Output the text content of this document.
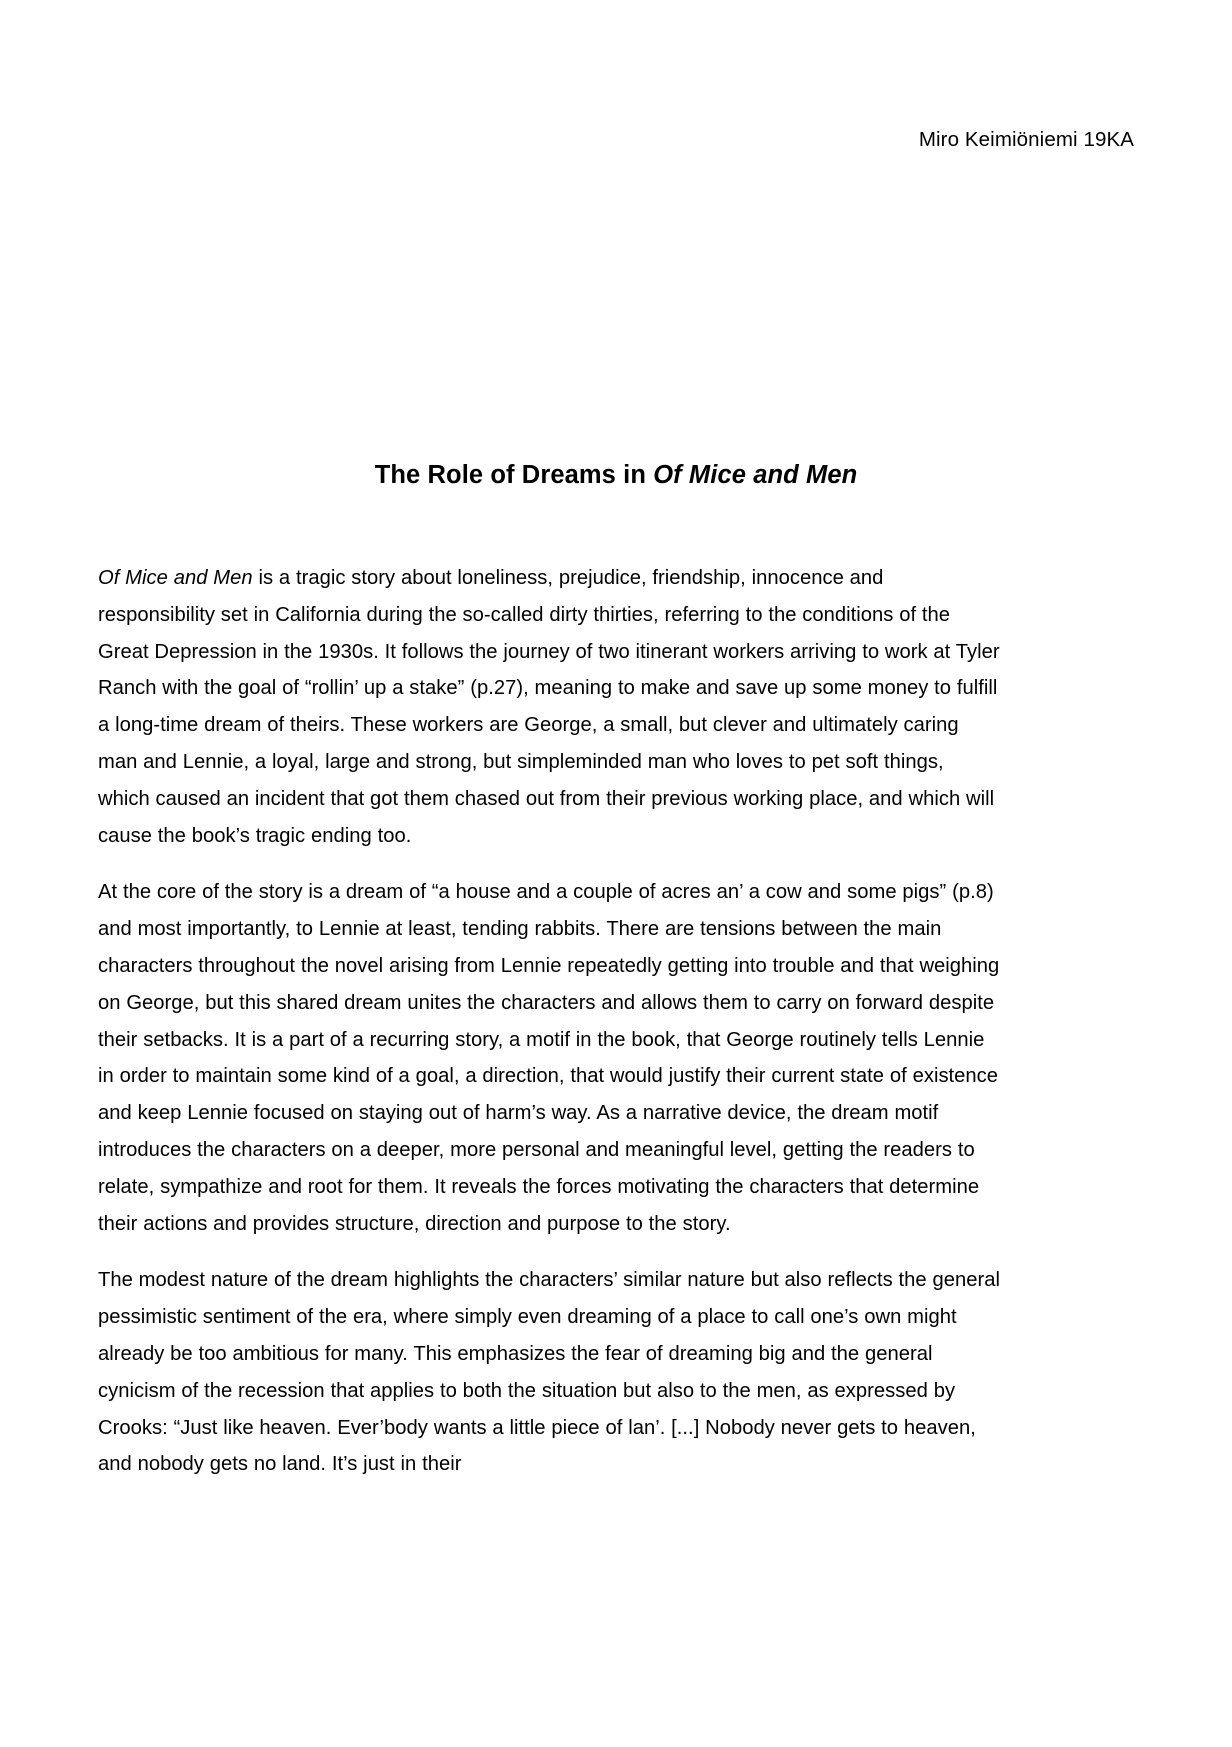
Miro Keimiöniemi 19KA
The Role of Dreams in Of Mice and Men

Of Mice and Men is a tragic story about loneliness, prejudice, friendship, innocence and responsibility set in California during the so-called dirty thirties, referring to the conditions of the Great Depression in the 1930s. It follows the journey of two itinerant workers arriving to work at Tyler Ranch with the goal of “rollin’ up a stake” (p.27), meaning to make and save up some money to fulfill a long-time dream of theirs. These workers are George, a small, but clever and ultimately caring man and Lennie, a loyal, large and strong, but simpleminded man who loves to pet soft things, which caused an incident that got them chased out from their previous working place, and which will cause the book’s tragic ending too.

At the core of the story is a dream of “a house and a couple of acres an’ a cow and some pigs” (p.8) and most importantly, to Lennie at least, tending rabbits. There are tensions between the main characters throughout the novel arising from Lennie repeatedly getting into trouble and that weighing on George, but this shared dream unites the characters and allows them to carry on forward despite their setbacks. It is a part of a recurring story, a motif in the book, that George routinely tells Lennie in order to maintain some kind of a goal, a direction, that would justify their current state of existence and keep Lennie focused on staying out of harm’s way. As a narrative device, the dream motif introduces the characters on a deeper, more personal and meaningful level, getting the readers to relate, sympathize and root for them. It reveals the forces motivating the characters that determine their actions and provides structure, direction and purpose to the story.

The modest nature of the dream highlights the characters’ similar nature but also reflects the general pessimistic sentiment of the era, where simply even dreaming of a place to call one’s own might already be too ambitious for many. This emphasizes the fear of dreaming big and the general cynicism of the recession that applies to both the situation but also to the men, as expressed by Crooks: “Just like heaven. Ever’body wants a little piece of lan’. [...] Nobody never gets to heaven, and nobody gets no land. It’s just in their
